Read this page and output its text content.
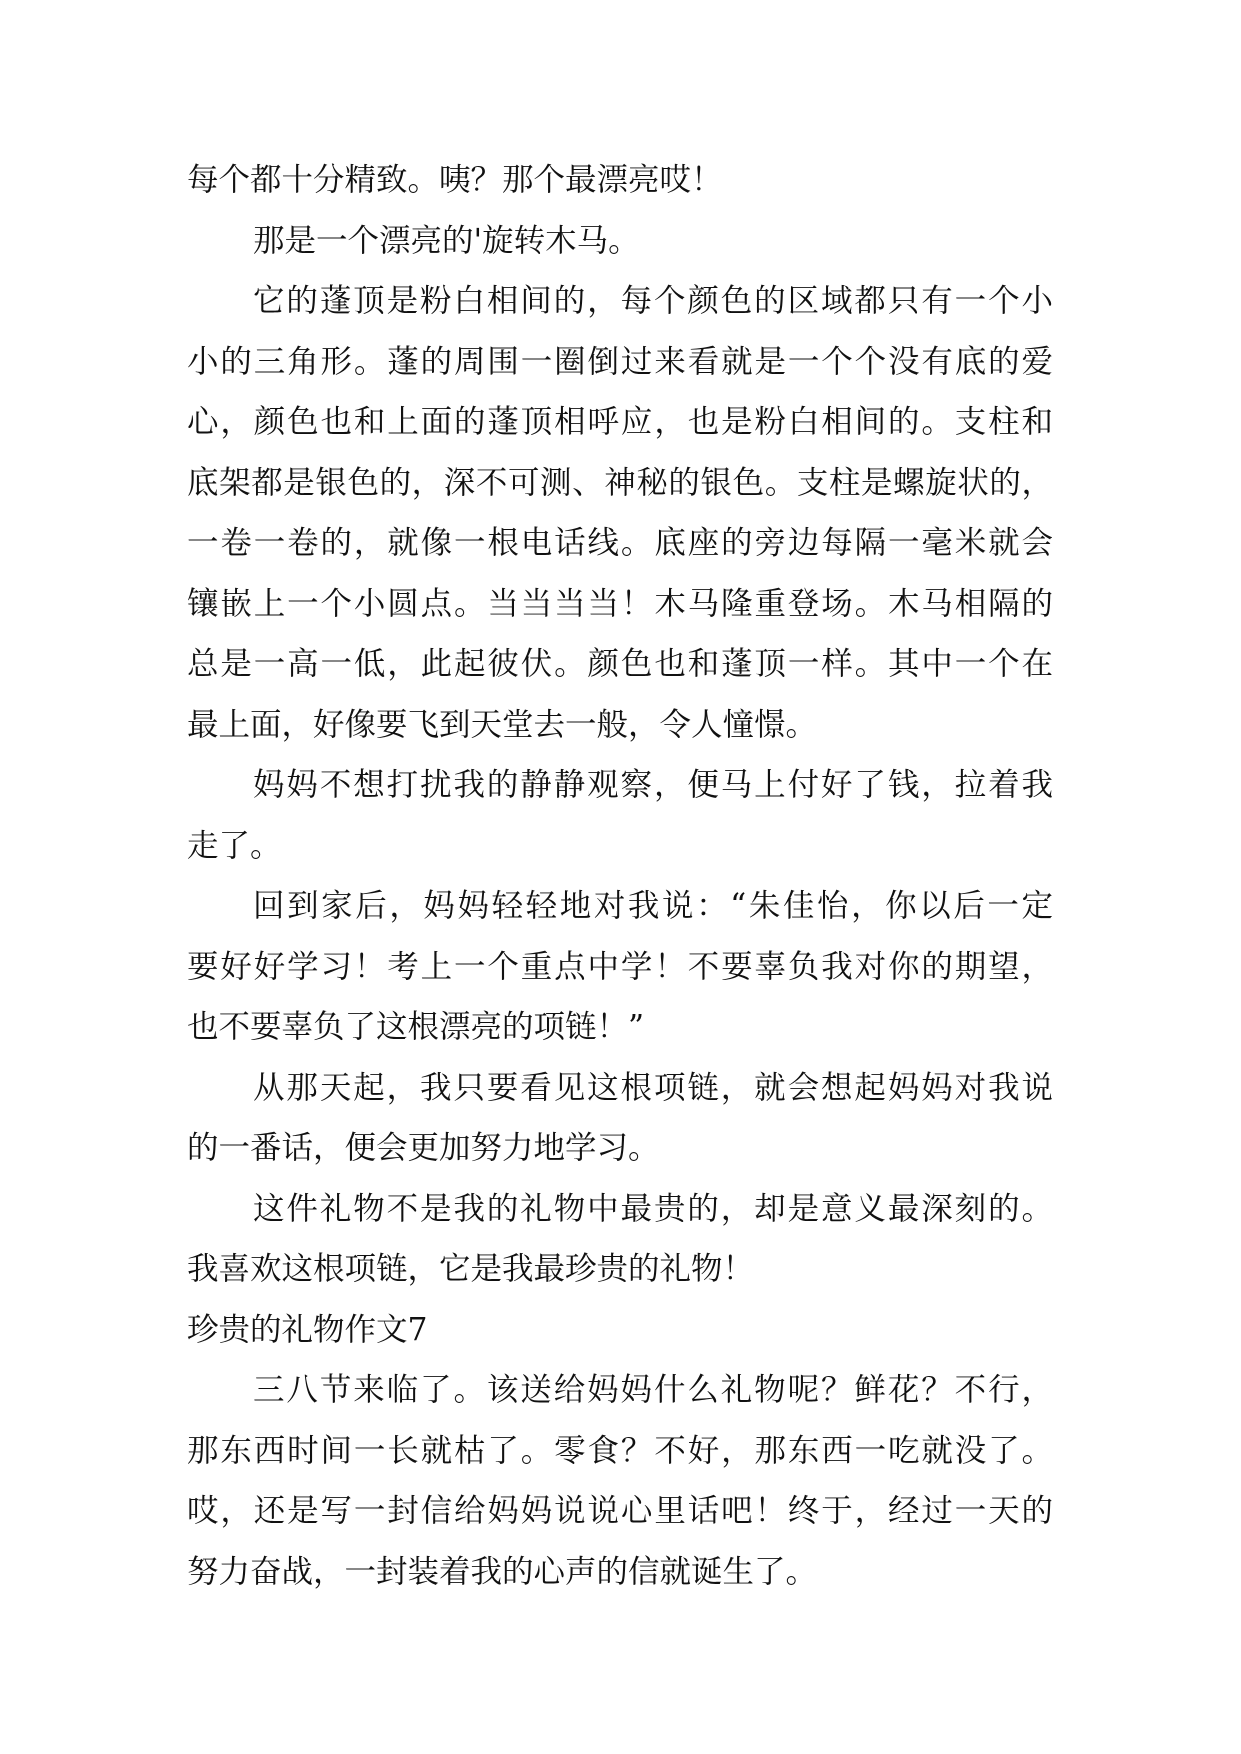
每个都十分精致。咦？那个最漂亮哎！
那是一个漂亮的'旋转木马。
它的蓬顶是粉白相间的，每个颜色的区域都只有一个小
小的三角形。蓬的周围一圈倒过来看就是一个个没有底的爱
心，颜色也和上面的蓬顶相呼应，也是粉白相间的。支柱和
底架都是银色的，深不可测、神秘的银色。支柱是螺旋状的，
一卷一卷的，就像一根电话线。底座的旁边每隔一毫米就会
镶嵌上一个小圆点。当当当当！木马隆重登场。木马相隔的
总是一高一低，此起彼伏。颜色也和蓬顶一样。其中一个在
最上面，好像要飞到天堂去一般，令人憧憬。
妈妈不想打扰我的静静观察，便马上付好了钱，拉着我
走了。
回到家后，妈妈轻轻地对我说：“朱佳怡，你以后一定
要好好学习！考上一个重点中学！不要辜负我对你的期望，
也不要辜负了这根漂亮的项链！”
从那天起，我只要看见这根项链，就会想起妈妈对我说
的一番话，便会更加努力地学习。
这件礼物不是我的礼物中最贵的，却是意义最深刻的。
我喜欢这根项链，它是我最珍贵的礼物！
珍贵的礼物作文7
三八节来临了。该送给妈妈什么礼物呢？鲜花？不行，
那东西时间一长就枯了。零食？不好，那东西一吃就没了。
哎，还是写一封信给妈妈说说心里话吧！终于，经过一天的
努力奋战，一封装着我的心声的信就诞生了。
